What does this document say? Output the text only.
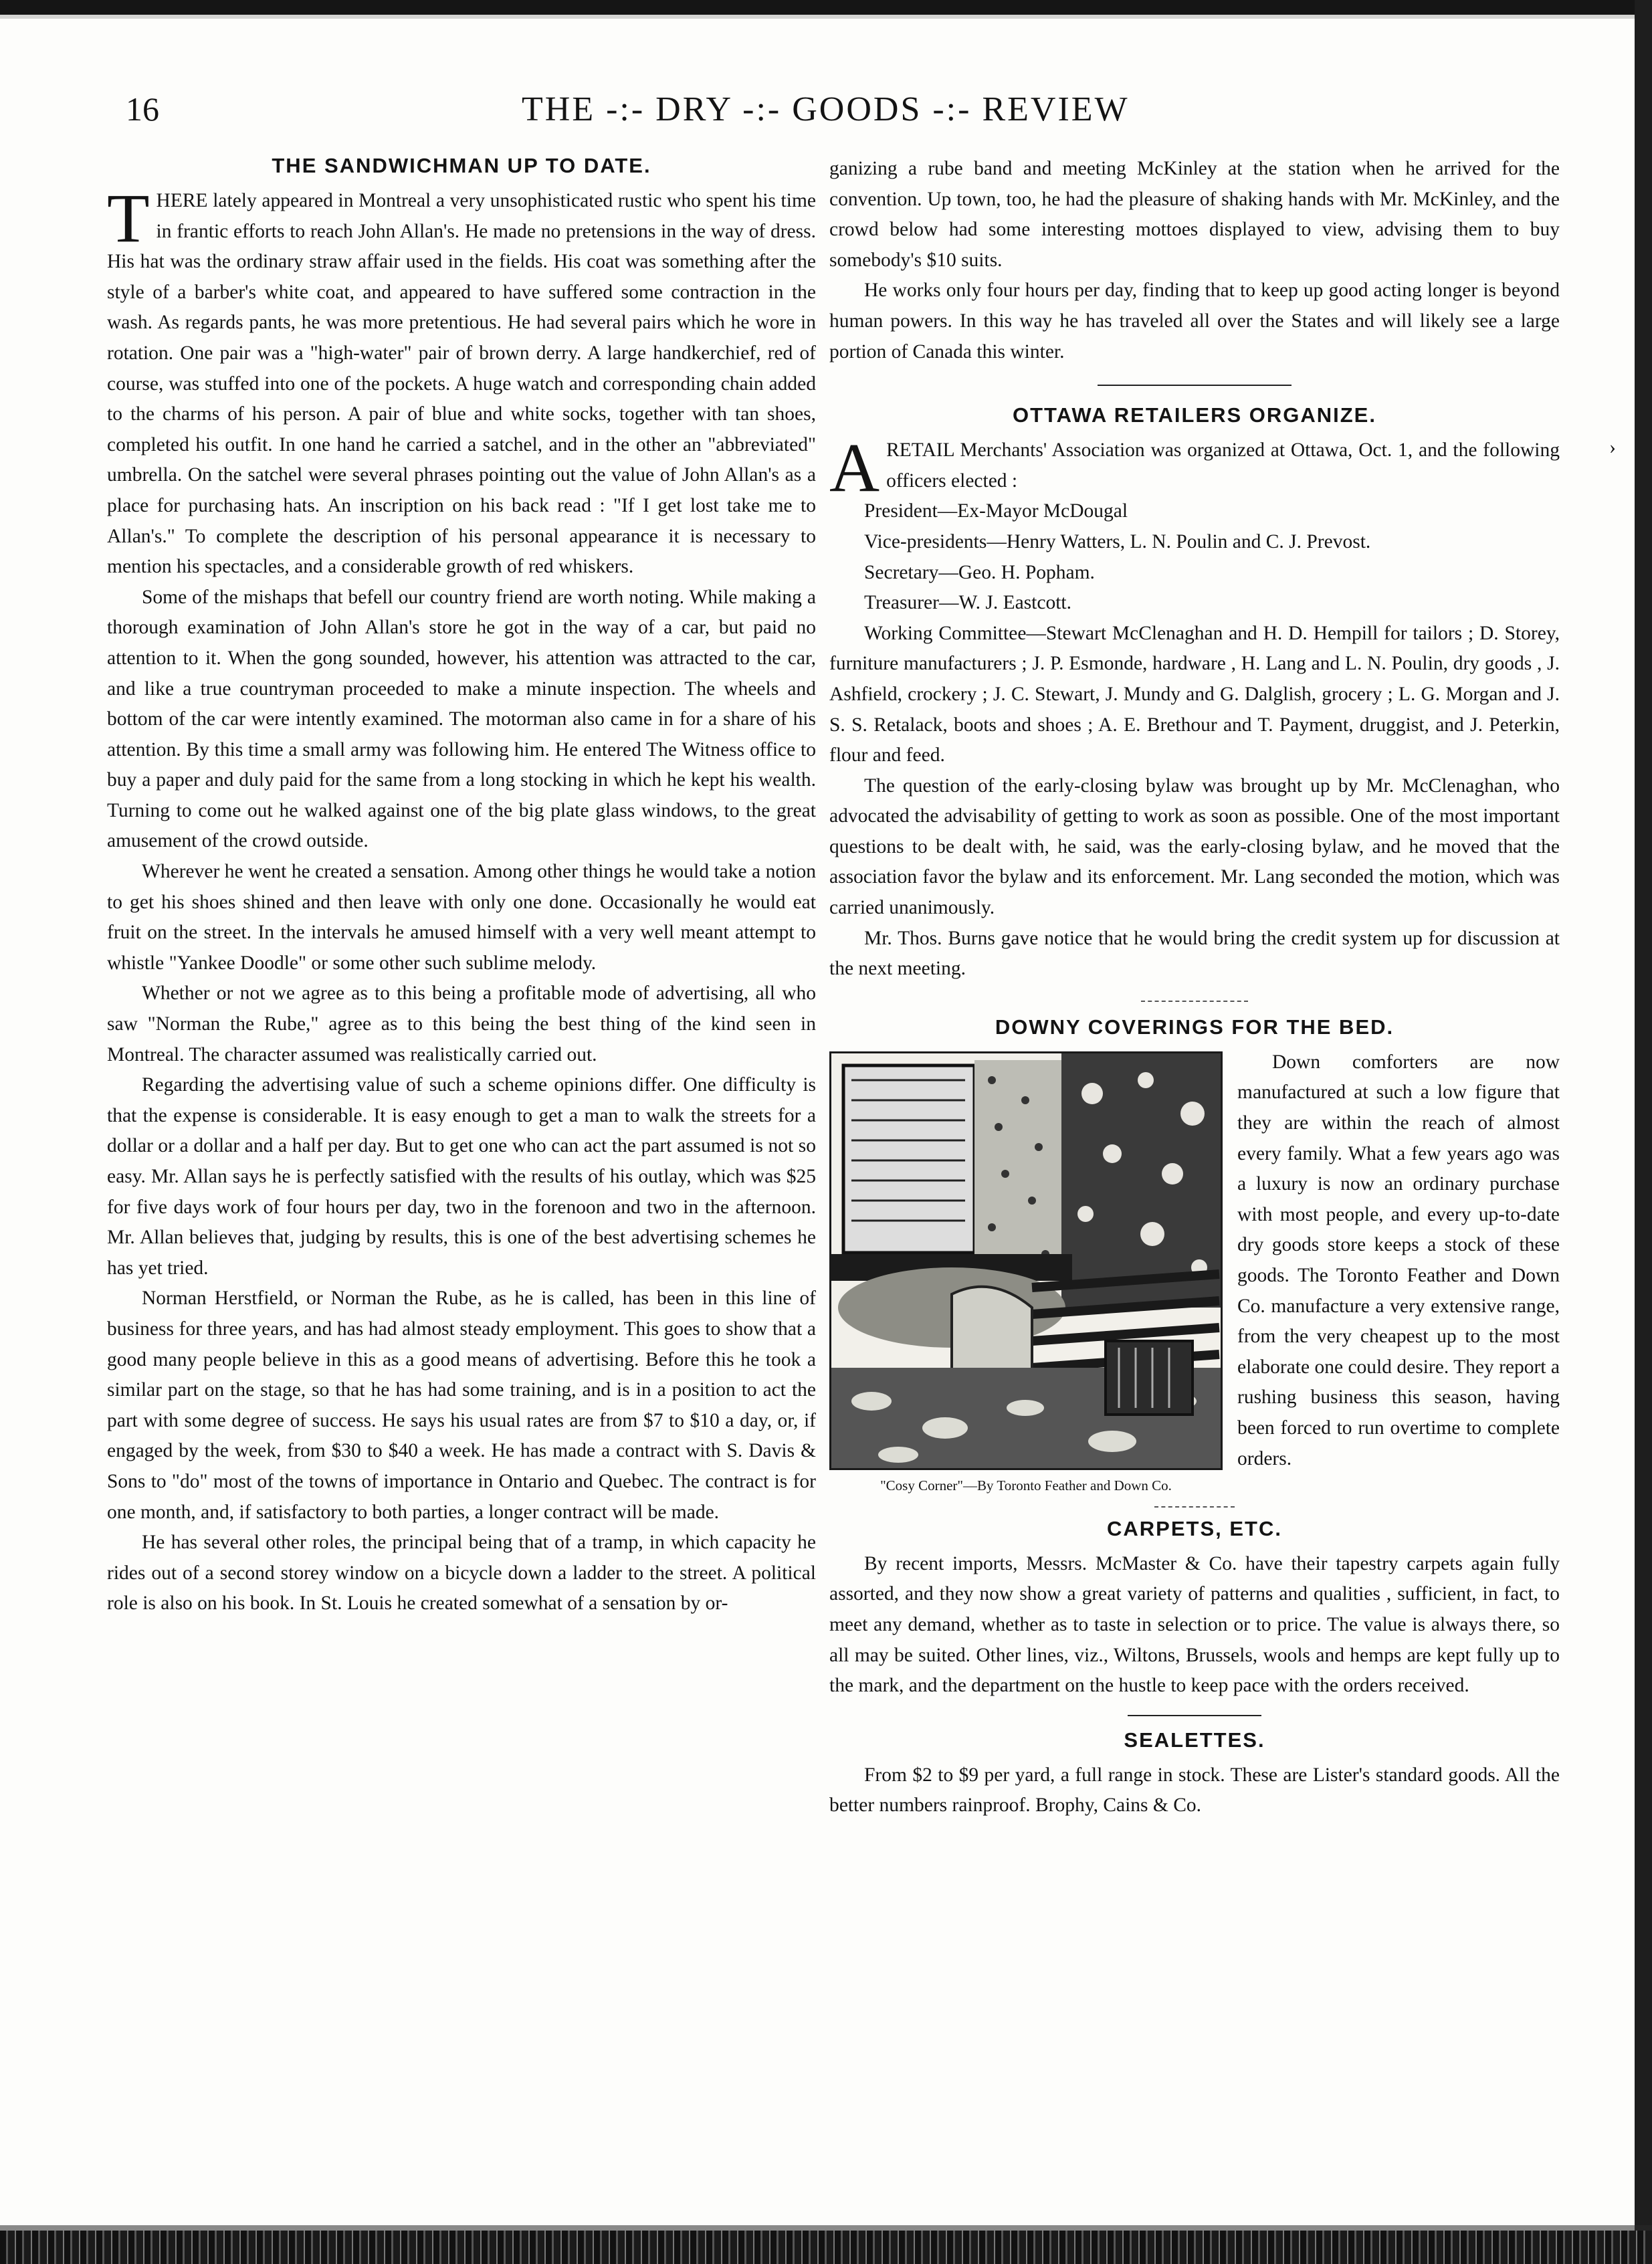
›
16	THE -:- DRY -:- GOODS -:- REVIEW
THE SANDWICHMAN UP TO DATE.

THERE lately appeared in Montreal a very unsophisticated rustic who spent his time in frantic efforts to reach John Allan's. He made no pretensions in the way of dress. His hat was the ordinary straw affair used in the fields. His coat was something after the style of a barber's white coat, and appeared to have suffered some contraction in the wash. As regards pants, he was more pretentious. He had several pairs which he wore in rotation. One pair was a "high-water" pair of brown derry. A large handkerchief, red of course, was stuffed into one of the pockets. A huge watch and corresponding chain added to the charms of his person. A pair of blue and white socks, together with tan shoes, completed his outfit. In one hand he carried a satchel, and in the other an "abbreviated" umbrella. On the satchel were several phrases pointing out the value of John Allan's as a place for purchasing hats. An inscription on his back read : "If I get lost take me to Allan's." To complete the description of his personal appearance it is necessary to mention his spectacles, and a considerable growth of red whiskers.

Some of the mishaps that befell our country friend are worth noting. While making a thorough examination of John Allan's store he got in the way of a car, but paid no attention to it. When the gong sounded, however, his attention was attracted to the car, and like a true countryman proceeded to make a minute inspection. The wheels and bottom of the car were intently examined. The motorman also came in for a share of his attention. By this time a small army was following him. He entered The Witness office to buy a paper and duly paid for the same from a long stocking in which he kept his wealth. Turning to come out he walked against one of the big plate glass windows, to the great amusement of the crowd outside.

Wherever he went he created a sensation. Among other things he would take a notion to get his shoes shined and then leave with only one done. Occasionally he would eat fruit on the street. In the intervals he amused himself with a very well meant attempt to whistle "Yankee Doodle" or some other such sublime melody.

Whether or not we agree as to this being a profitable mode of advertising, all who saw "Norman the Rube," agree as to this being the best thing of the kind seen in Montreal. The character assumed was realistically carried out.

Regarding the advertising value of such a scheme opinions differ. One difficulty is that the expense is considerable. It is easy enough to get a man to walk the streets for a dollar or a dollar and a half per day. But to get one who can act the part assumed is not so easy. Mr. Allan says he is perfectly satisfied with the results of his outlay, which was $25 for five days work of four hours per day, two in the forenoon and two in the afternoon. Mr. Allan believes that, judging by results, this is one of the best advertising schemes he has yet tried.

Norman Herstfield, or Norman the Rube, as he is called, has been in this line of business for three years, and has had almost steady employment. This goes to show that a good many people believe in this as a good means of advertising. Before this he took a similar part on the stage, so that he has had some training, and is in a position to act the part with some degree of success. He says his usual rates are from $7 to $10 a day, or, if engaged by the week, from $30 to $40 a week. He has made a contract with S. Davis & Sons to "do" most of the towns of importance in Ontario and Quebec. The contract is for one month, and, if satisfactory to both parties, a longer contract will be made.

He has several other roles, the principal being that of a tramp, in which capacity he rides out of a second storey window on a bicycle down a ladder to the street. A political role is also on his book. In St. Louis he created somewhat of a sensation by or-

ganizing a rube band and meeting McKinley at the station when he arrived for the convention. Up town, too, he had the pleasure of shaking hands with Mr. McKinley, and the crowd below had some interesting mottoes displayed to view, advising them to buy somebody's $10 suits.

He works only four hours per day, finding that to keep up good acting longer is beyond human powers. In this way he has traveled all over the States and will likely see a large portion of Canada this winter.

OTTAWA RETAILERS ORGANIZE.

ARETAIL Merchants' Association was organized at Ottawa, Oct. 1, and the following officers elected :

President—Ex-Mayor McDougal

Vice-presidents—Henry Watters, L. N. Poulin and C. J. Prevost.

Secretary—Geo. H. Popham.

Treasurer—W. J. Eastcott.

Working Committee—Stewart McClenaghan and H. D. Hempill for tailors ; D. Storey, furniture manufacturers ; J. P. Esmonde, hardware , H. Lang and L. N. Poulin, dry goods , J. Ashfield, crockery ; J. C. Stewart, J. Mundy and G. Dalglish, grocery ; L. G. Morgan and J. S. S. Retalack, boots and shoes ; A. E. Brethour and T. Payment, druggist, and J. Peterkin, flour and feed.

The question of the early-closing bylaw was brought up by Mr. McClenaghan, who advocated the advisability of getting to work as soon as possible. One of the most important questions to be dealt with, he said, was the early-closing bylaw, and he moved that the association favor the bylaw and its enforcement. Mr. Lang seconded the motion, which was carried unanimously.

Mr. Thos. Burns gave notice that he would bring the credit system up for discussion at the next meeting.

DOWNY COVERINGS FOR THE BED.
"Cosy Corner"—By Toronto Feather and Down Co.

Down comforters are now manufactured at such a low figure that they are within the reach of almost every family. What a few years ago was a luxury is now an ordinary purchase with most people, and every up-to-date dry goods store keeps a stock of these goods. The Toronto Feather and Down Co. manufacture a very extensive range, from the very cheapest up to the most elaborate one could desire. They report a rushing business this season, having been forced to run overtime to complete orders.

CARPETS, ETC.

By recent imports, Messrs. McMaster & Co. have their tapestry carpets again fully assorted, and they now show a great variety of patterns and qualities , sufficient, in fact, to meet any demand, whether as to taste in selection or to price. The value is always there, so all may be suited. Other lines, viz., Wiltons, Brussels, wools and hemps are kept fully up to the mark, and the department on the hustle to keep pace with the orders received.

SEALETTES.

From $2 to $9 per yard, a full range in stock. These are Lister's standard goods. All the better numbers rainproof. Brophy, Cains & Co.
